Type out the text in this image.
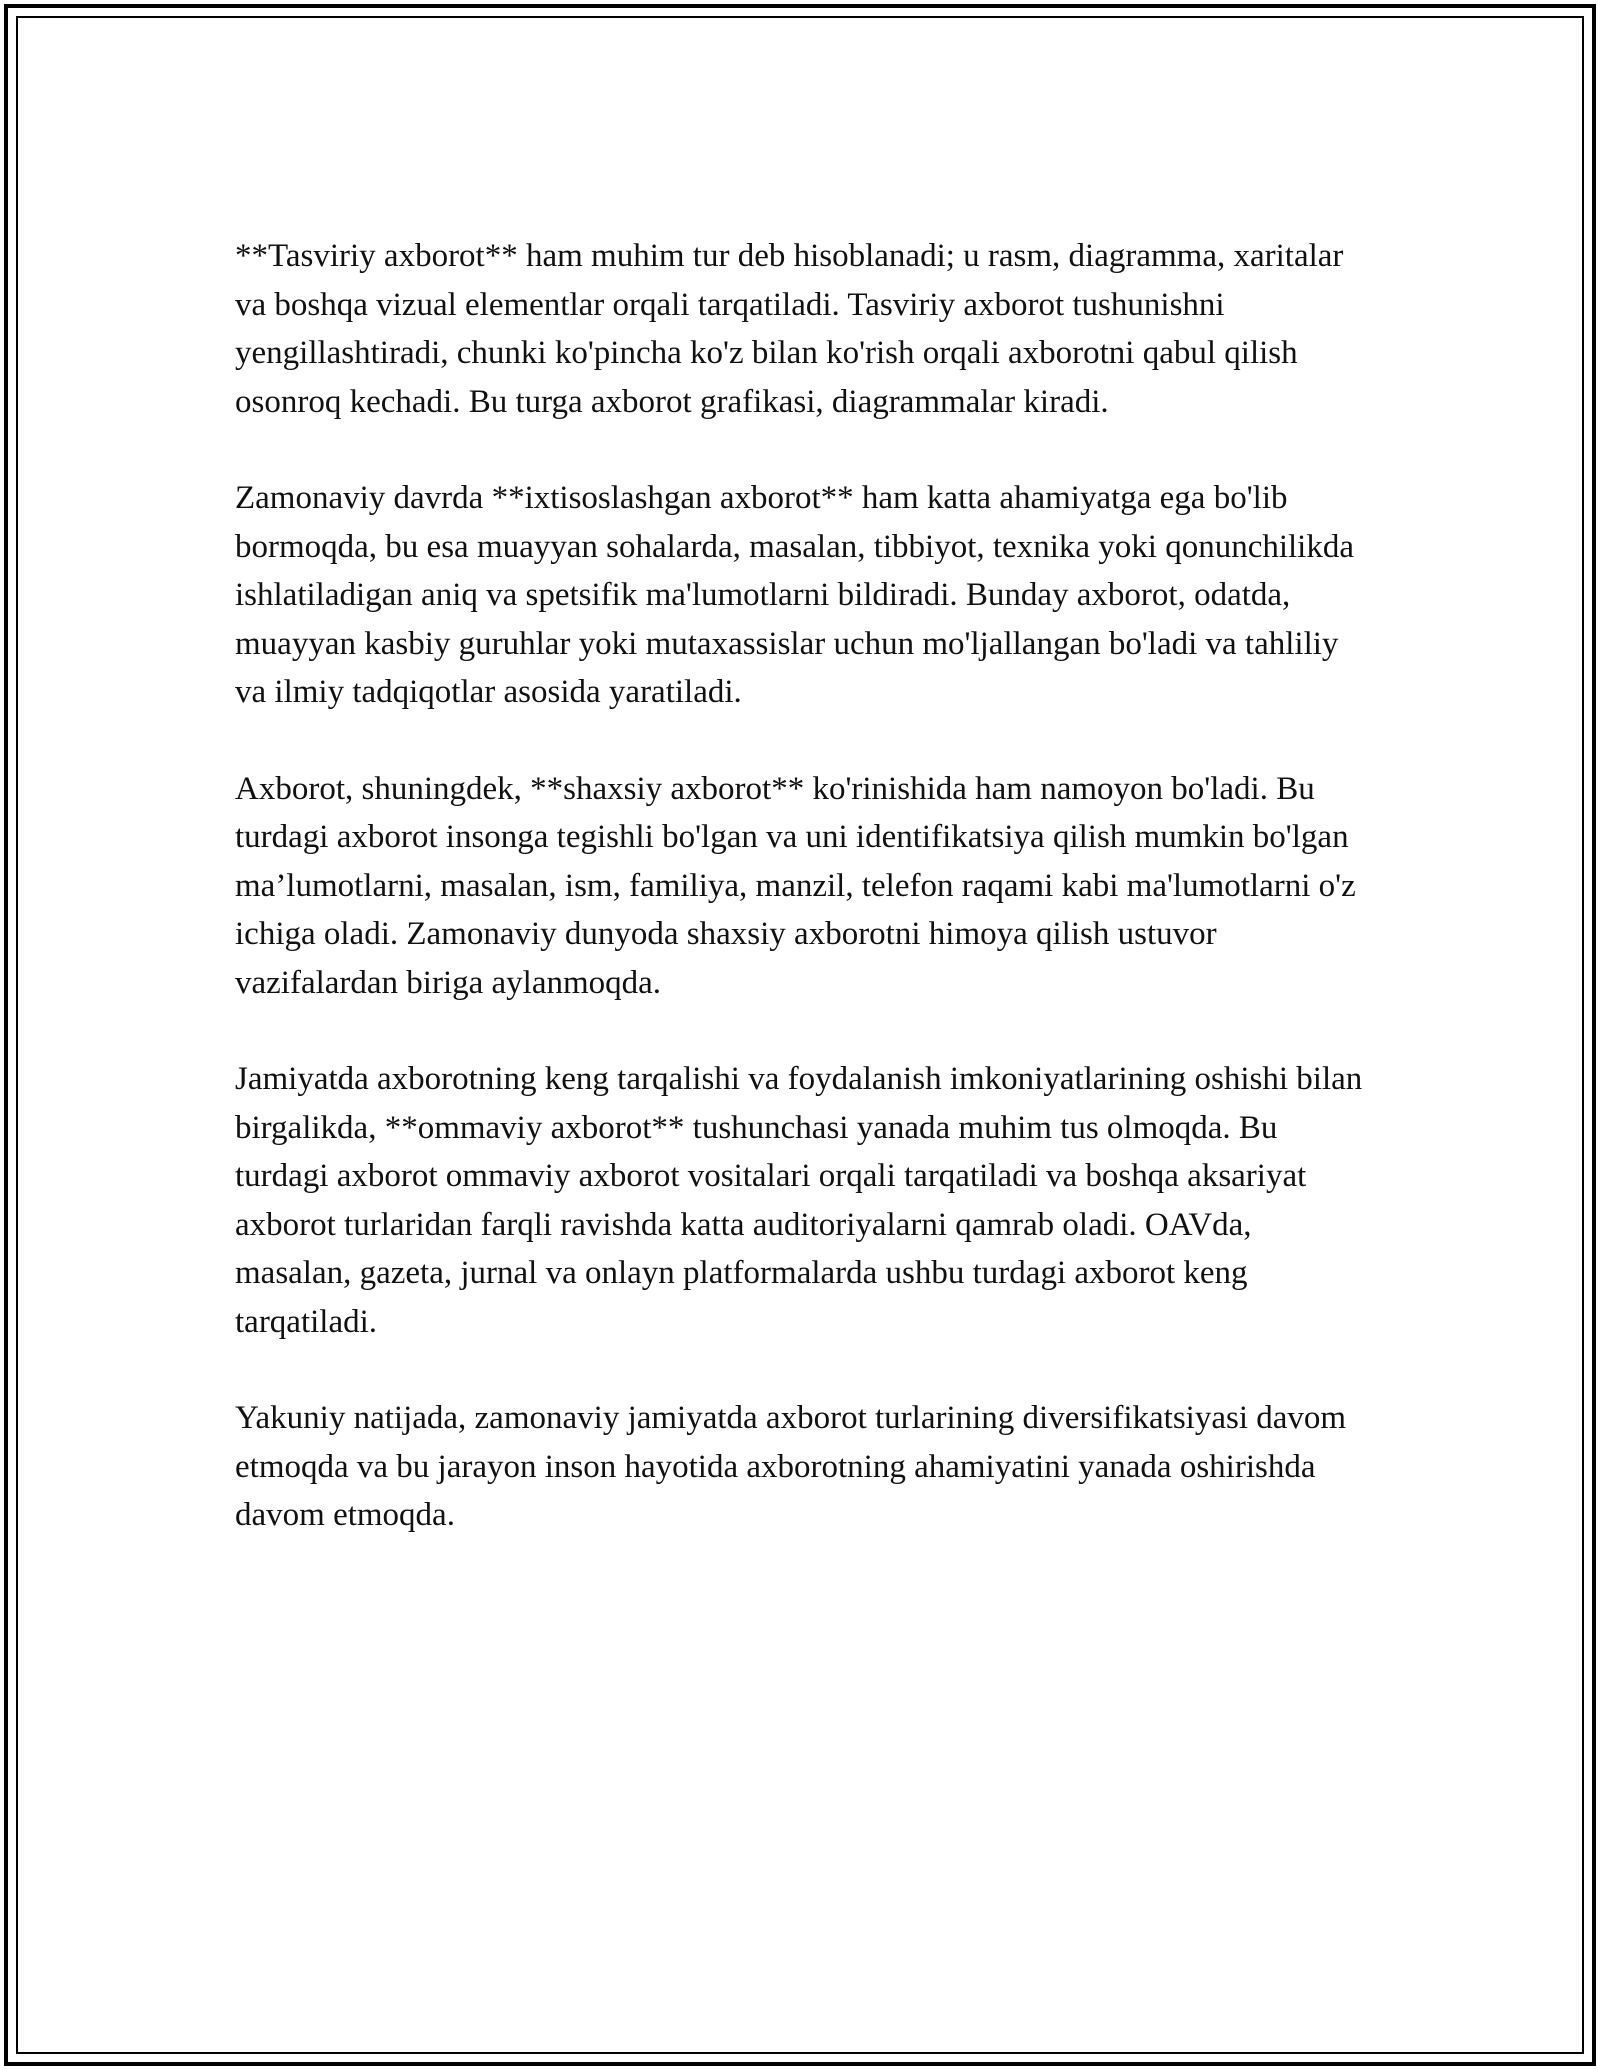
**Tasviriy axborot** ham muhim tur deb hisoblanadi; u rasm, diagramma, xaritalar va boshqa vizual elementlar orqali tarqatiladi. Tasviriy axborot tushunishni yengillashtiradi, chunki ko'pincha ko'z bilan ko'rish orqali axborotni qabul qilish osonroq kechadi. Bu turga axborot grafikasi, diagrammalar kiradi.

Zamonaviy davrda **ixtisoslashgan axborot** ham katta ahamiyatga ega bo'lib bormoqda, bu esa muayyan sohalarda, masalan, tibbiyot, texnika yoki qonunchilikda ishlatiladigan aniq va spetsifik ma'lumotlarni bildiradi. Bunday axborot, odatda, muayyan kasbiy guruhlar yoki mutaxassislar uchun mo'ljallangan bo'ladi va tahliliy va ilmiy tadqiqotlar asosida yaratiladi.

Axborot, shuningdek, **shaxsiy axborot** ko'rinishida ham namoyon bo'ladi. Bu turdagi axborot insonga tegishli bo'lgan va uni identifikatsiya qilish mumkin bo'lgan ma’lumotlarni, masalan, ism, familiya, manzil, telefon raqami kabi ma'lumotlarni o'z ichiga oladi. Zamonaviy dunyoda shaxsiy axborotni himoya qilish ustuvor vazifalardan biriga aylanmoqda.

Jamiyatda axborotning keng tarqalishi va foydalanish imkoniyatlarining oshishi bilan birgalikda, **ommaviy axborot** tushunchasi yanada muhim tus olmoqda. Bu turdagi axborot ommaviy axborot vositalari orqali tarqatiladi va boshqa aksariyat axborot turlaridan farqli ravishda katta auditoriyalarni qamrab oladi. OAVda, masalan, gazeta, jurnal va onlayn platformalarda ushbu turdagi axborot keng tarqatiladi.

Yakuniy natijada, zamonaviy jamiyatda axborot turlarining diversifikatsiyasi davom etmoqda va bu jarayon inson hayotida axborotning ahamiyatini yanada oshirishda davom etmoqda.
